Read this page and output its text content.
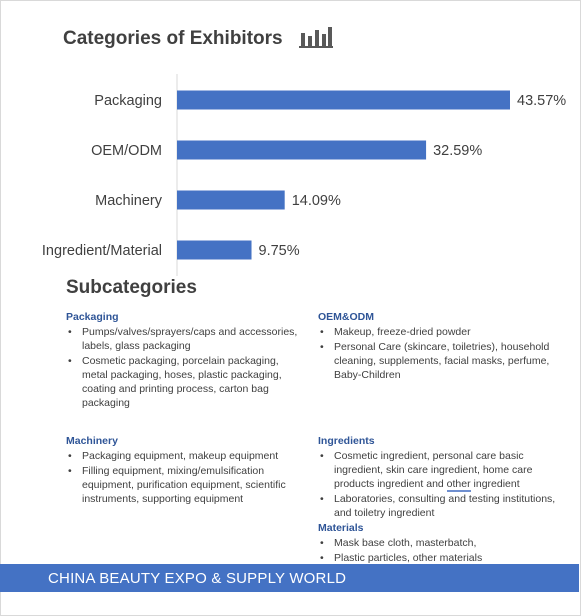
Categories of Exhibitors
Packaging	43.57%
OEM/ODM	32.59%
Machinery	14.09%
Ingredient/Material	9.75%
Subcategories
Packaging
• Pumps/valves/sprayers/caps and accessories, labels, glass packaging
• Cosmetic packaging, porcelain packaging, metal packaging, hoses, plastic packaging, coating and printing process, carton bag packaging
OEM&ODM
• Makeup, freeze-dried powder
• Personal Care (skincare, toiletries), household cleaning, supplements, facial masks, perfume, Baby-Children
Machinery
• Packaging equipment, makeup equipment
• Filling equipment, mixing/emulsification equipment, purification equipment, scientific instruments, supporting equipment
Ingredients
• Cosmetic ingredient, personal care basic ingredient, skin care ingredient, home care products ingredient and other ingredient
• Laboratories, consulting and testing institutions, and toiletry ingredient
Materials
• Mask base cloth, masterbatch,
• Plastic particles, other materials
CHINA BEAUTY EXPO & SUPPLY WORLD
